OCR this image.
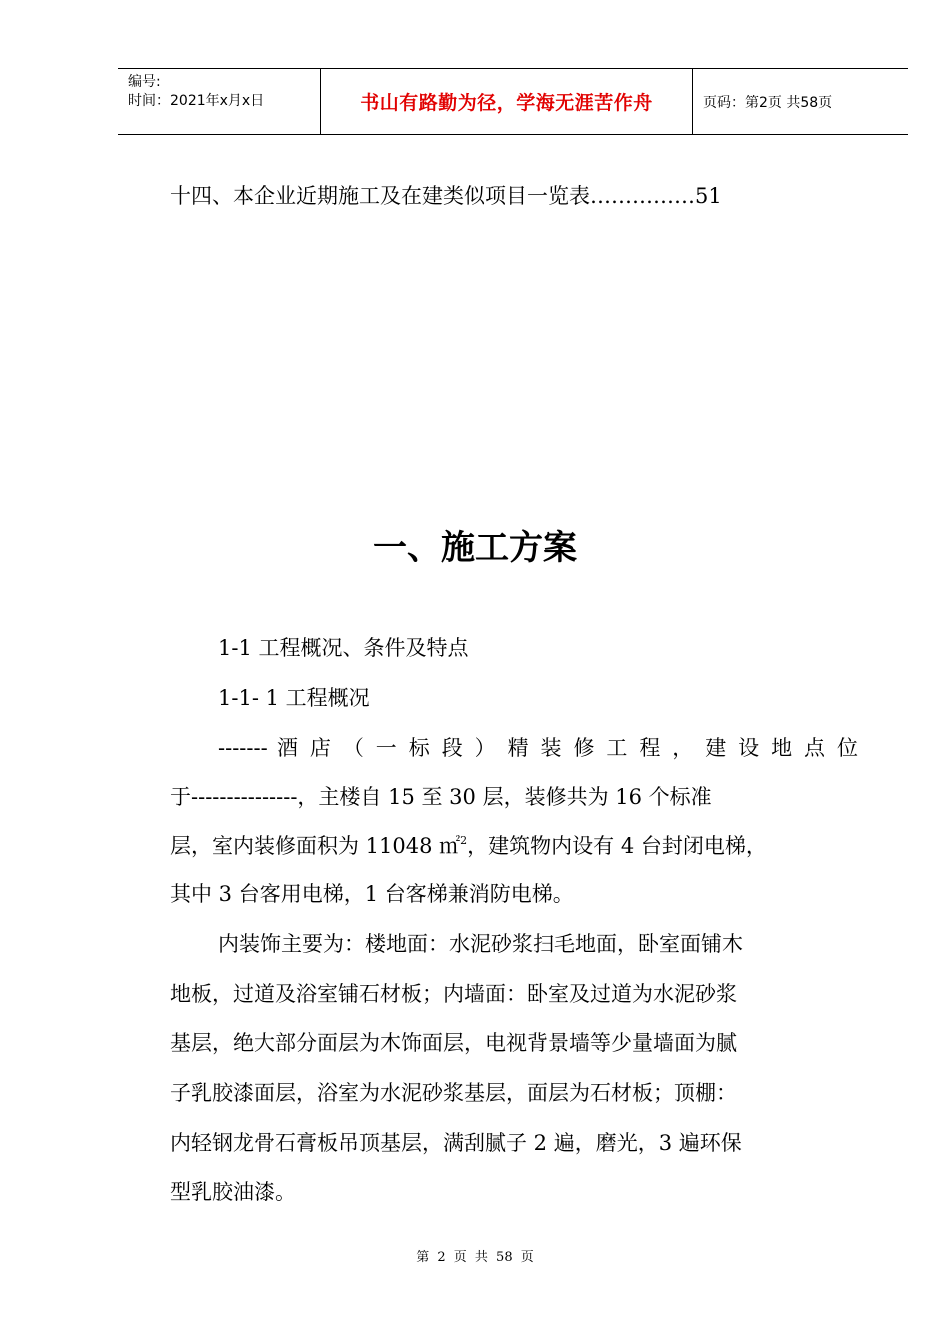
编号:
时间：2021年x月x日	书山有路勤为径，学海无涯苦作舟	页码：第2页 共58页
十四、本企业近期施工及在建类似项目一览表……………51
一、施工方案
1-1 工程概况、条件及特点
1-1- 1 工程概况
------- 酒 店 （ 一 标 段 ） 精 装 修 工 程 ， 建 设 地 点 位
于---------------，主楼自 15 至 30 层，装修共为 16 个标准
层，室内装修面积为 11048 ㎡$^2$，建筑物内设有 4 台封闭电梯，
其中 3 台客用电梯，1 台客梯兼消防电梯。
内装饰主要为：楼地面：水泥砂浆扫毛地面，卧室面铺木
地板，过道及浴室铺石材板；内墙面：卧室及过道为水泥砂浆
基层，绝大部分面层为木饰面层，电视背景墙等少量墙面为腻
子乳胶漆面层，浴室为水泥砂浆基层，面层为石材板；顶棚：
内轻钢龙骨石膏板吊顶基层，满刮腻子 2 遍，磨光，3 遍环保
型乳胶油漆。
第 2 页 共 58 页
